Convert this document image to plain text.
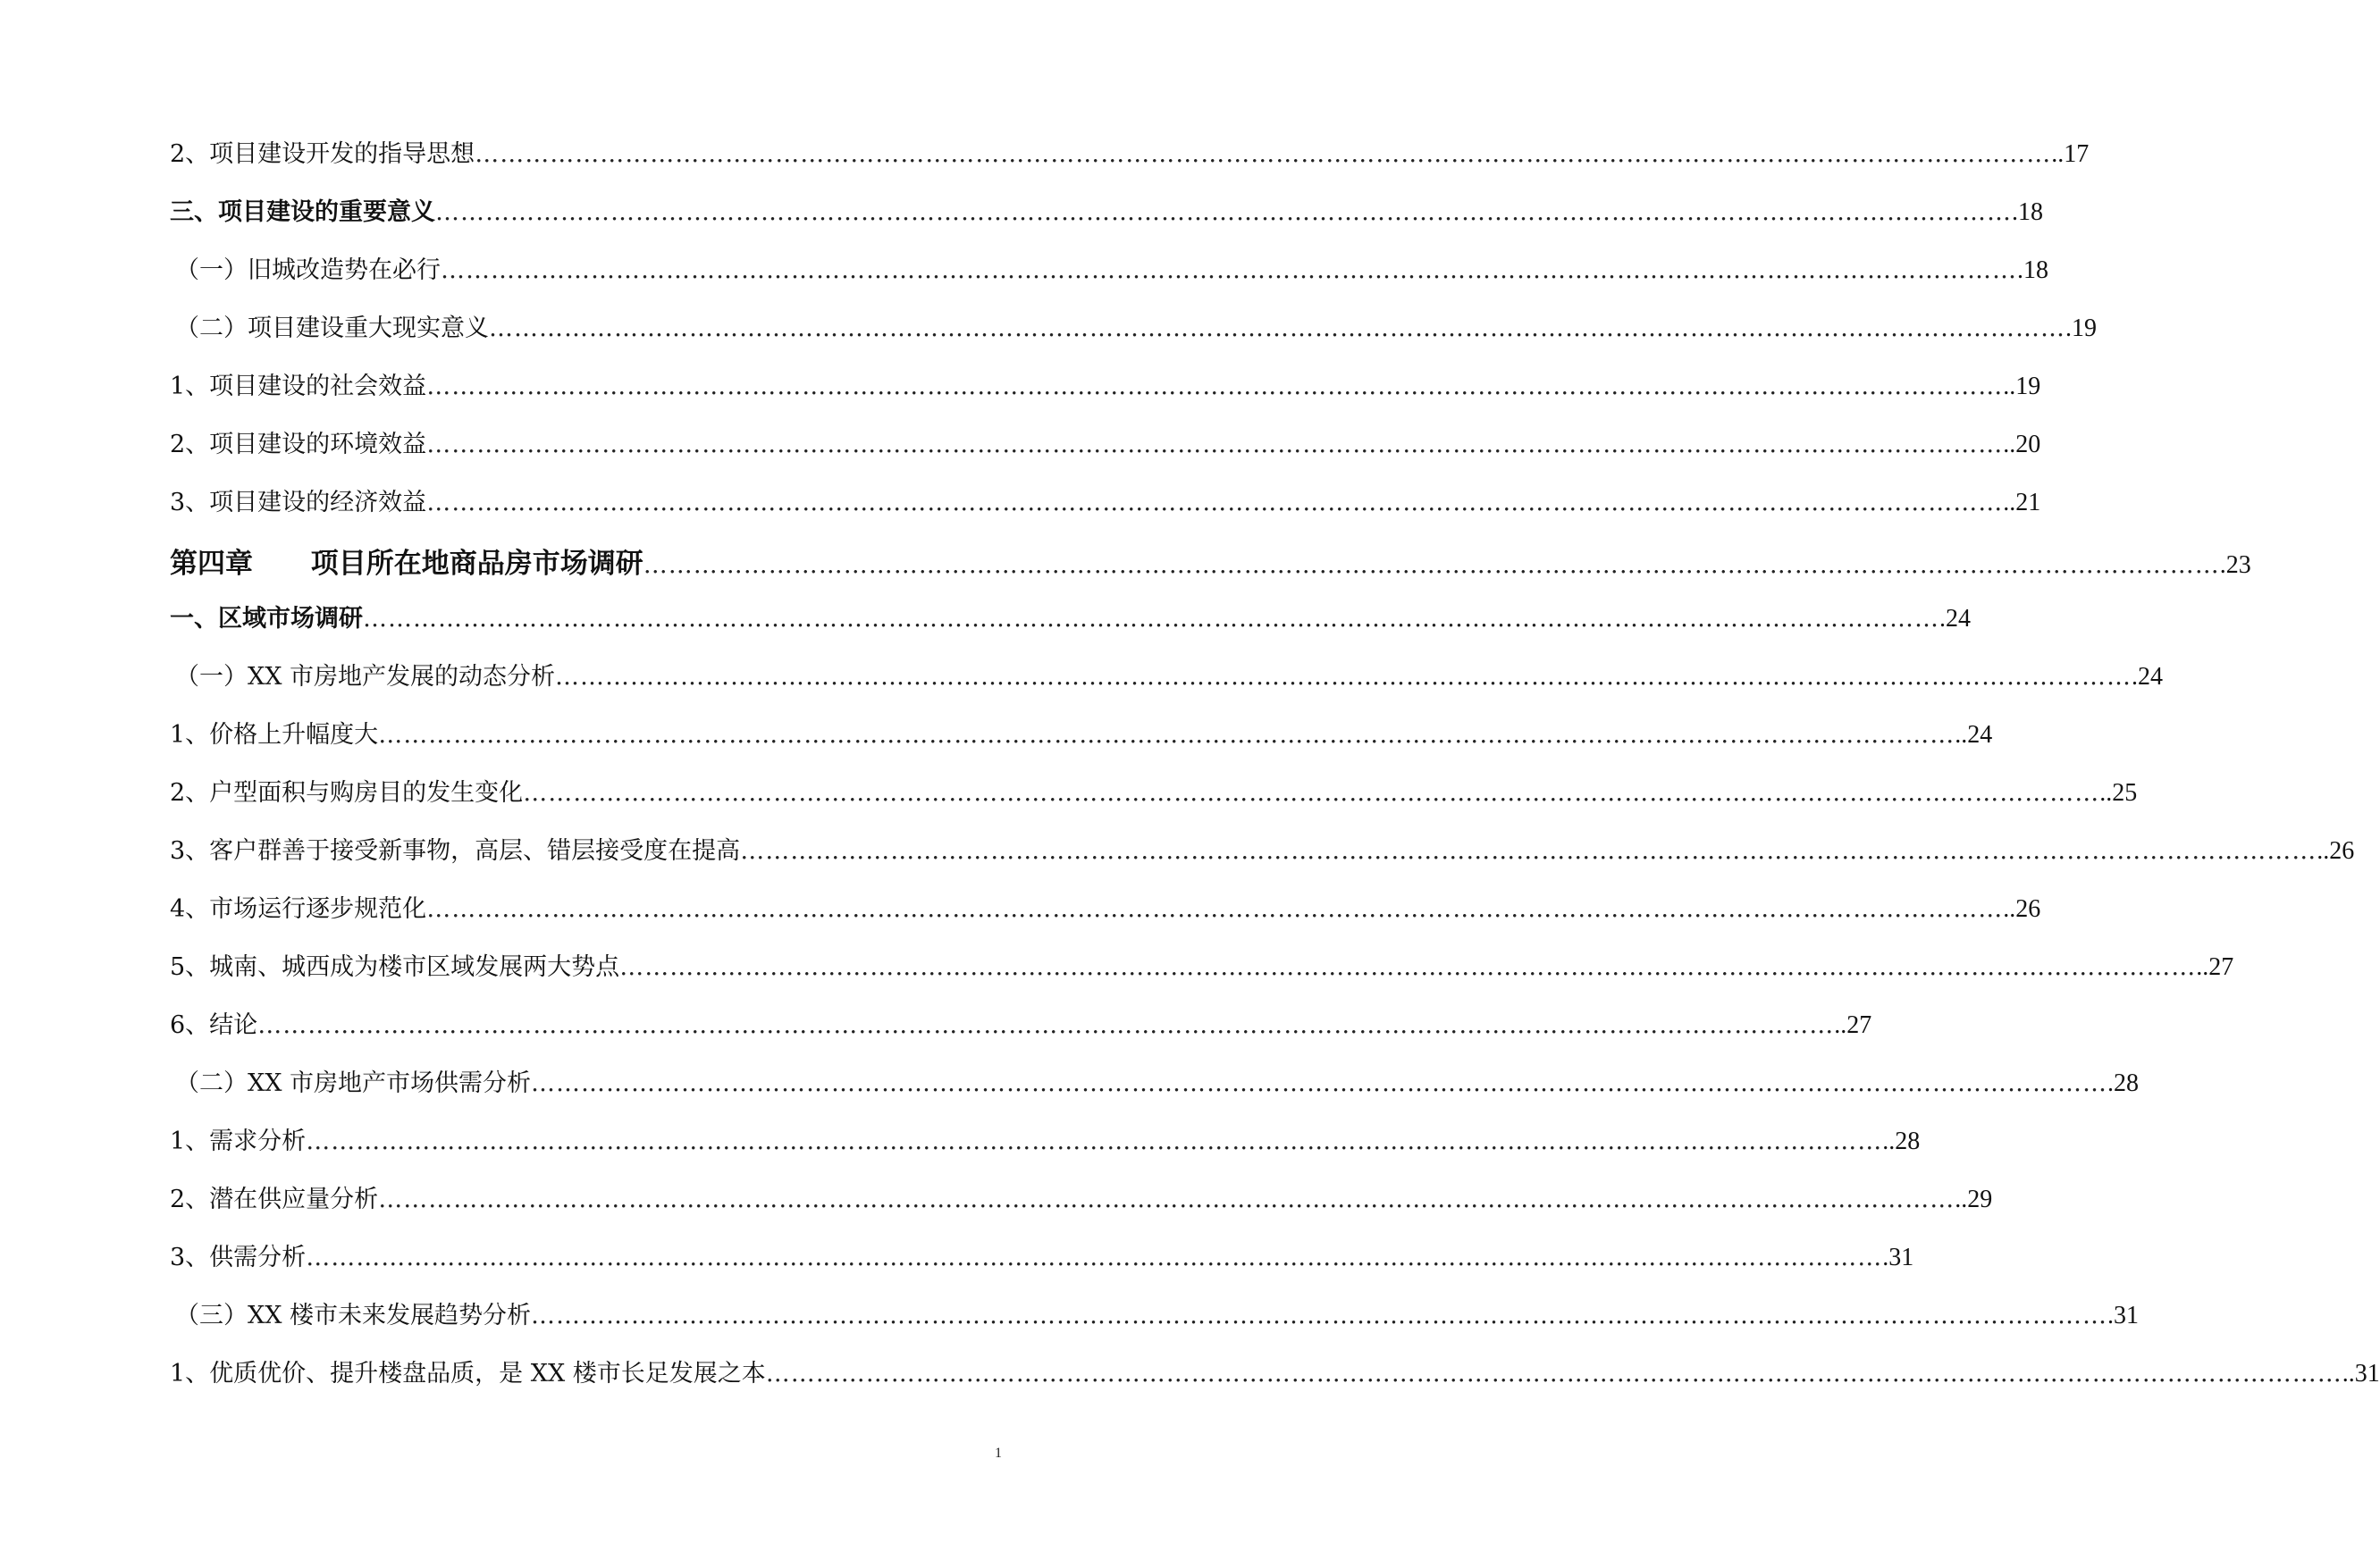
2、项目建设开发的指导思想 ……………………………………………………………………………………………………………………………………………………………………… ..17
三、项目建设的重要意义 ……………………………………………………………………………………………………………………………………………………………………… .18
（一）旧城改造势在必行 ……………………………………………………………………………………………………………………………………………………………………… .18
（二）项目建设重大现实意义 ……………………………………………………………………………………………………………………………………………………………………… .19
1、项目建设的社会效益 ……………………………………………………………………………………………………………………………………………………………………… ..19
2、项目建设的环境效益 ……………………………………………………………………………………………………………………………………………………………………… ..20
3、项目建设的经济效益 ……………………………………………………………………………………………………………………………………………………………………… ..21
第四章      项目所在地商品房市场调研 ……………………………………………………………………………………………………………………………………………………………………… .23
一、区域市场调研 ……………………………………………………………………………………………………………………………………………………………………… .24
（一）XX 市房地产发展的动态分析 ……………………………………………………………………………………………………………………………………………………………………… .24
1、价格上升幅度大 ……………………………………………………………………………………………………………………………………………………………………… ..24
2、户型面积与购房目的发生变化 ……………………………………………………………………………………………………………………………………………………………………… ..25
3、客户群善于接受新事物，高层、错层接受度在提高 ……………………………………………………………………………………………………………………………………………………………………… ..26
4、市场运行逐步规范化 ……………………………………………………………………………………………………………………………………………………………………… ..26
5、城南、城西成为楼市区域发展两大势点 ……………………………………………………………………………………………………………………………………………………………………… ..27
6、结论 ……………………………………………………………………………………………………………………………………………………………………… ..27
（二）XX 市房地产市场供需分析 ……………………………………………………………………………………………………………………………………………………………………… .28
1、需求分析 ……………………………………………………………………………………………………………………………………………………………………… ..28
2、潜在供应量分析 ……………………………………………………………………………………………………………………………………………………………………… ..29
3、供需分析 ……………………………………………………………………………………………………………………………………………………………………… .31
（三）XX 楼市未来发展趋势分析 ……………………………………………………………………………………………………………………………………………………………………… .31
1、优质优价、提升楼盘品质，是 XX 楼市长足发展之本 ……………………………………………………………………………………………………………………………………………………………………… ..31
1
